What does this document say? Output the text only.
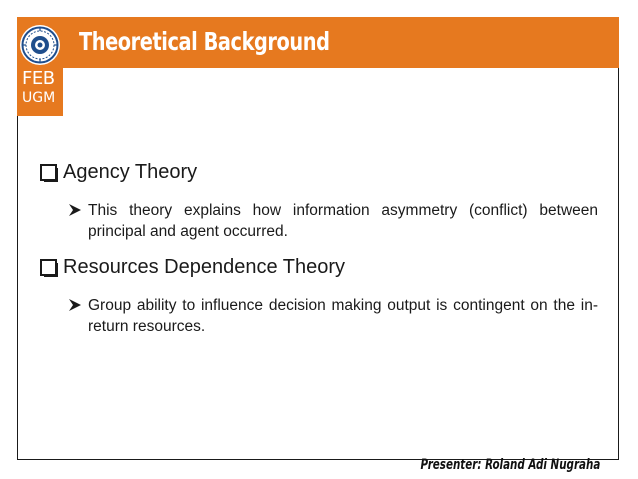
FEB
UGM
Theoretical Background
Agency Theory
This theory explains how information asymmetry (conflict) between principal and agent occurred.
Resources Dependence Theory
Group ability to influence decision making output is contingent on the in-return resources.
Presenter: Roland Adi Nugraha
